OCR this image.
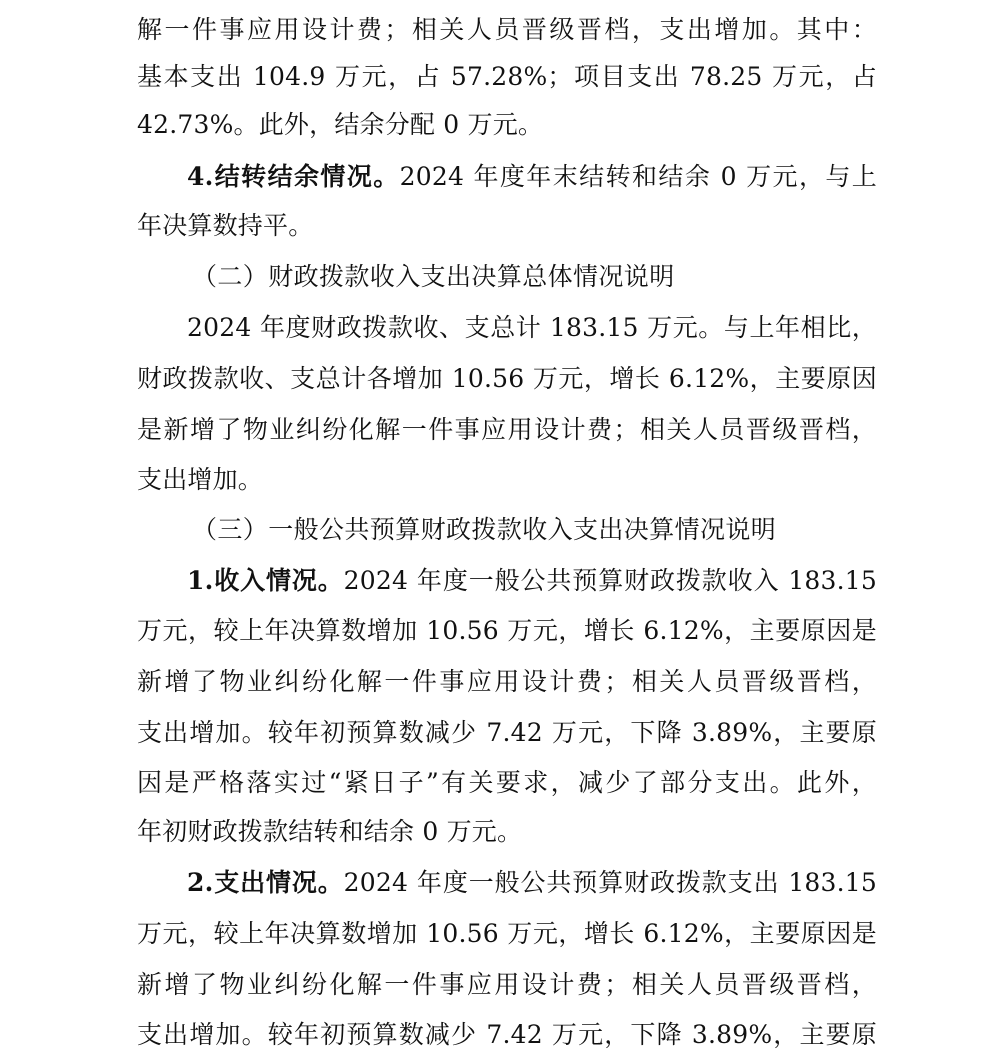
解一件事应用设计费；相关人员晋级晋档，支出增加。其中：
基本支出 104.9 万元，占 57.28%；项目支出 78.25 万元，占
42.73%。此外，结余分配 0 万元。
4.结转结余情况。2024 年度年末结转和结余 0 万元，与上
年决算数持平。
（二）财政拨款收入支出决算总体情况说明
2024 年度财政拨款收、支总计 183.15 万元。与上年相比，
财政拨款收、支总计各增加 10.56 万元，增长 6.12%，主要原因
是新增了物业纠纷化解一件事应用设计费；相关人员晋级晋档，
支出增加。
（三）一般公共预算财政拨款收入支出决算情况说明
1.收入情况。2024 年度一般公共预算财政拨款收入 183.15
万元，较上年决算数增加 10.56 万元，增长 6.12%，主要原因是
新增了物业纠纷化解一件事应用设计费；相关人员晋级晋档，
支出增加。较年初预算数减少 7.42 万元，下降 3.89%，主要原
因是严格落实过“紧日子”有关要求，减少了部分支出。此外，
年初财政拨款结转和结余 0 万元。
2.支出情况。2024 年度一般公共预算财政拨款支出 183.15
万元，较上年决算数增加 10.56 万元，增长 6.12%，主要原因是
新增了物业纠纷化解一件事应用设计费；相关人员晋级晋档，
支出增加。较年初预算数减少 7.42 万元，下降 3.89%，主要原
